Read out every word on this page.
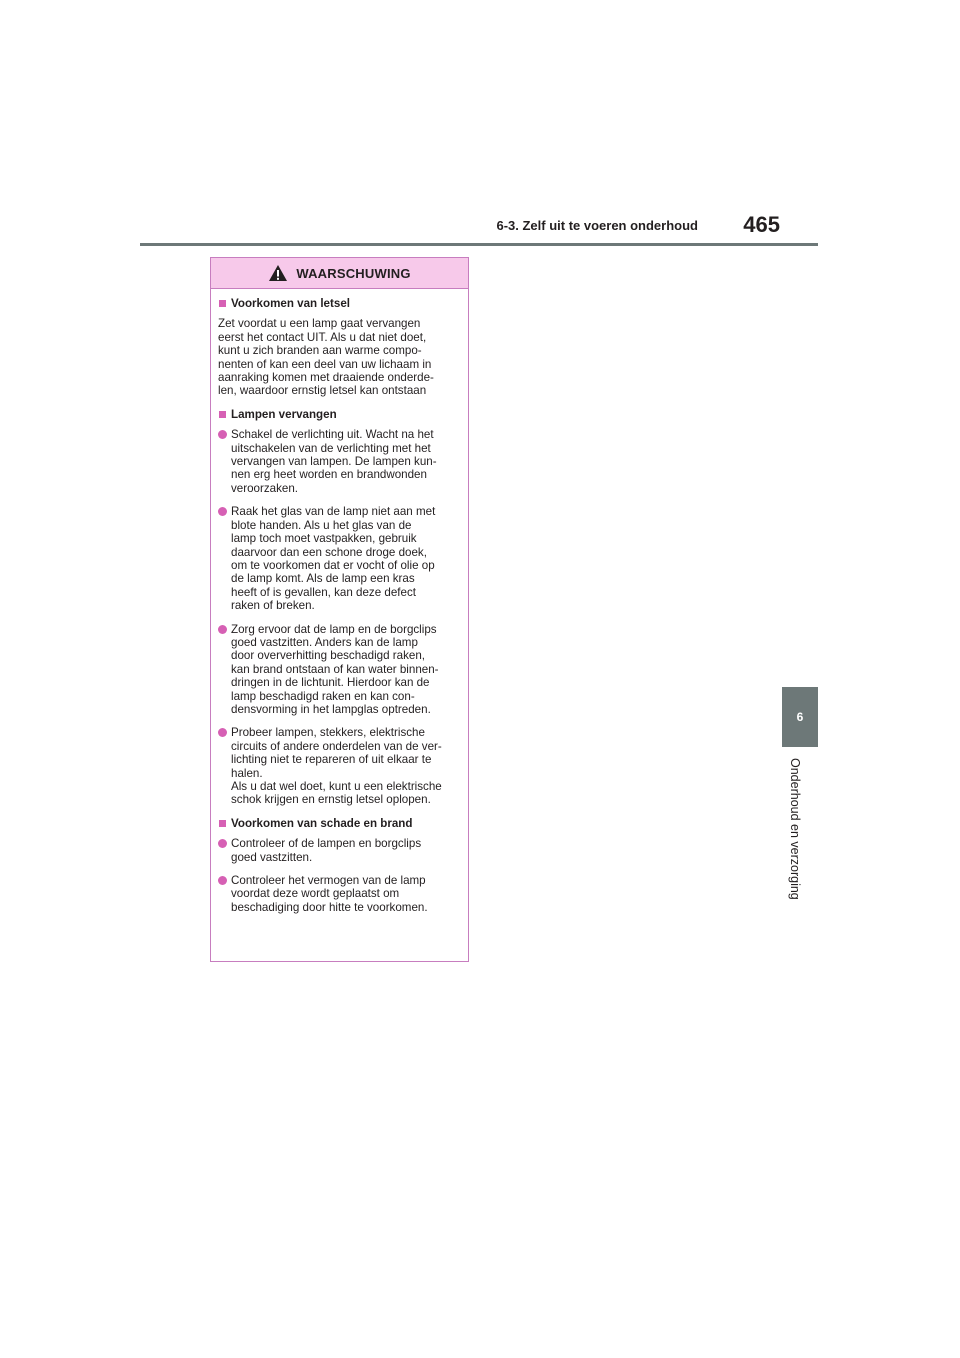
6-3. Zelf uit te voeren onderhoud	465
6
Onderhoud en verzorging
WAARSCHUWING
Voorkomen van letsel
Zet voordat u een lamp gaat vervangen
eerst het contact UIT. Als u dat niet doet,
kunt u zich branden aan warme compo-
nenten of kan een deel van uw lichaam in
aanraking komen met draaiende onderde-
len, waardoor ernstig letsel kan ontstaan
Lampen vervangen
Schakel de verlichting uit. Wacht na het
uitschakelen van de verlichting met het
vervangen van lampen. De lampen kun-
nen erg heet worden en brandwonden
veroorzaken.
Raak het glas van de lamp niet aan met
blote handen. Als u het glas van de
lamp toch moet vastpakken, gebruik
daarvoor dan een schone droge doek,
om te voorkomen dat er vocht of olie op
de lamp komt. Als de lamp een kras
heeft of is gevallen, kan deze defect
raken of breken.
Zorg ervoor dat de lamp en de borgclips
goed vastzitten. Anders kan de lamp
door oververhitting beschadigd raken,
kan brand ontstaan of kan water binnen-
dringen in de lichtunit. Hierdoor kan de
lamp beschadigd raken en kan con-
densvorming in het lampglas optreden.
Probeer lampen, stekkers, elektrische
circuits of andere onderdelen van de ver-
lichting niet te repareren of uit elkaar te
halen.
Als u dat wel doet, kunt u een elektrische
schok krijgen en ernstig letsel oplopen.
Voorkomen van schade en brand
Controleer of de lampen en borgclips
goed vastzitten.
Controleer het vermogen van de lamp
voordat deze wordt geplaatst om
beschadiging door hitte te voorkomen.
